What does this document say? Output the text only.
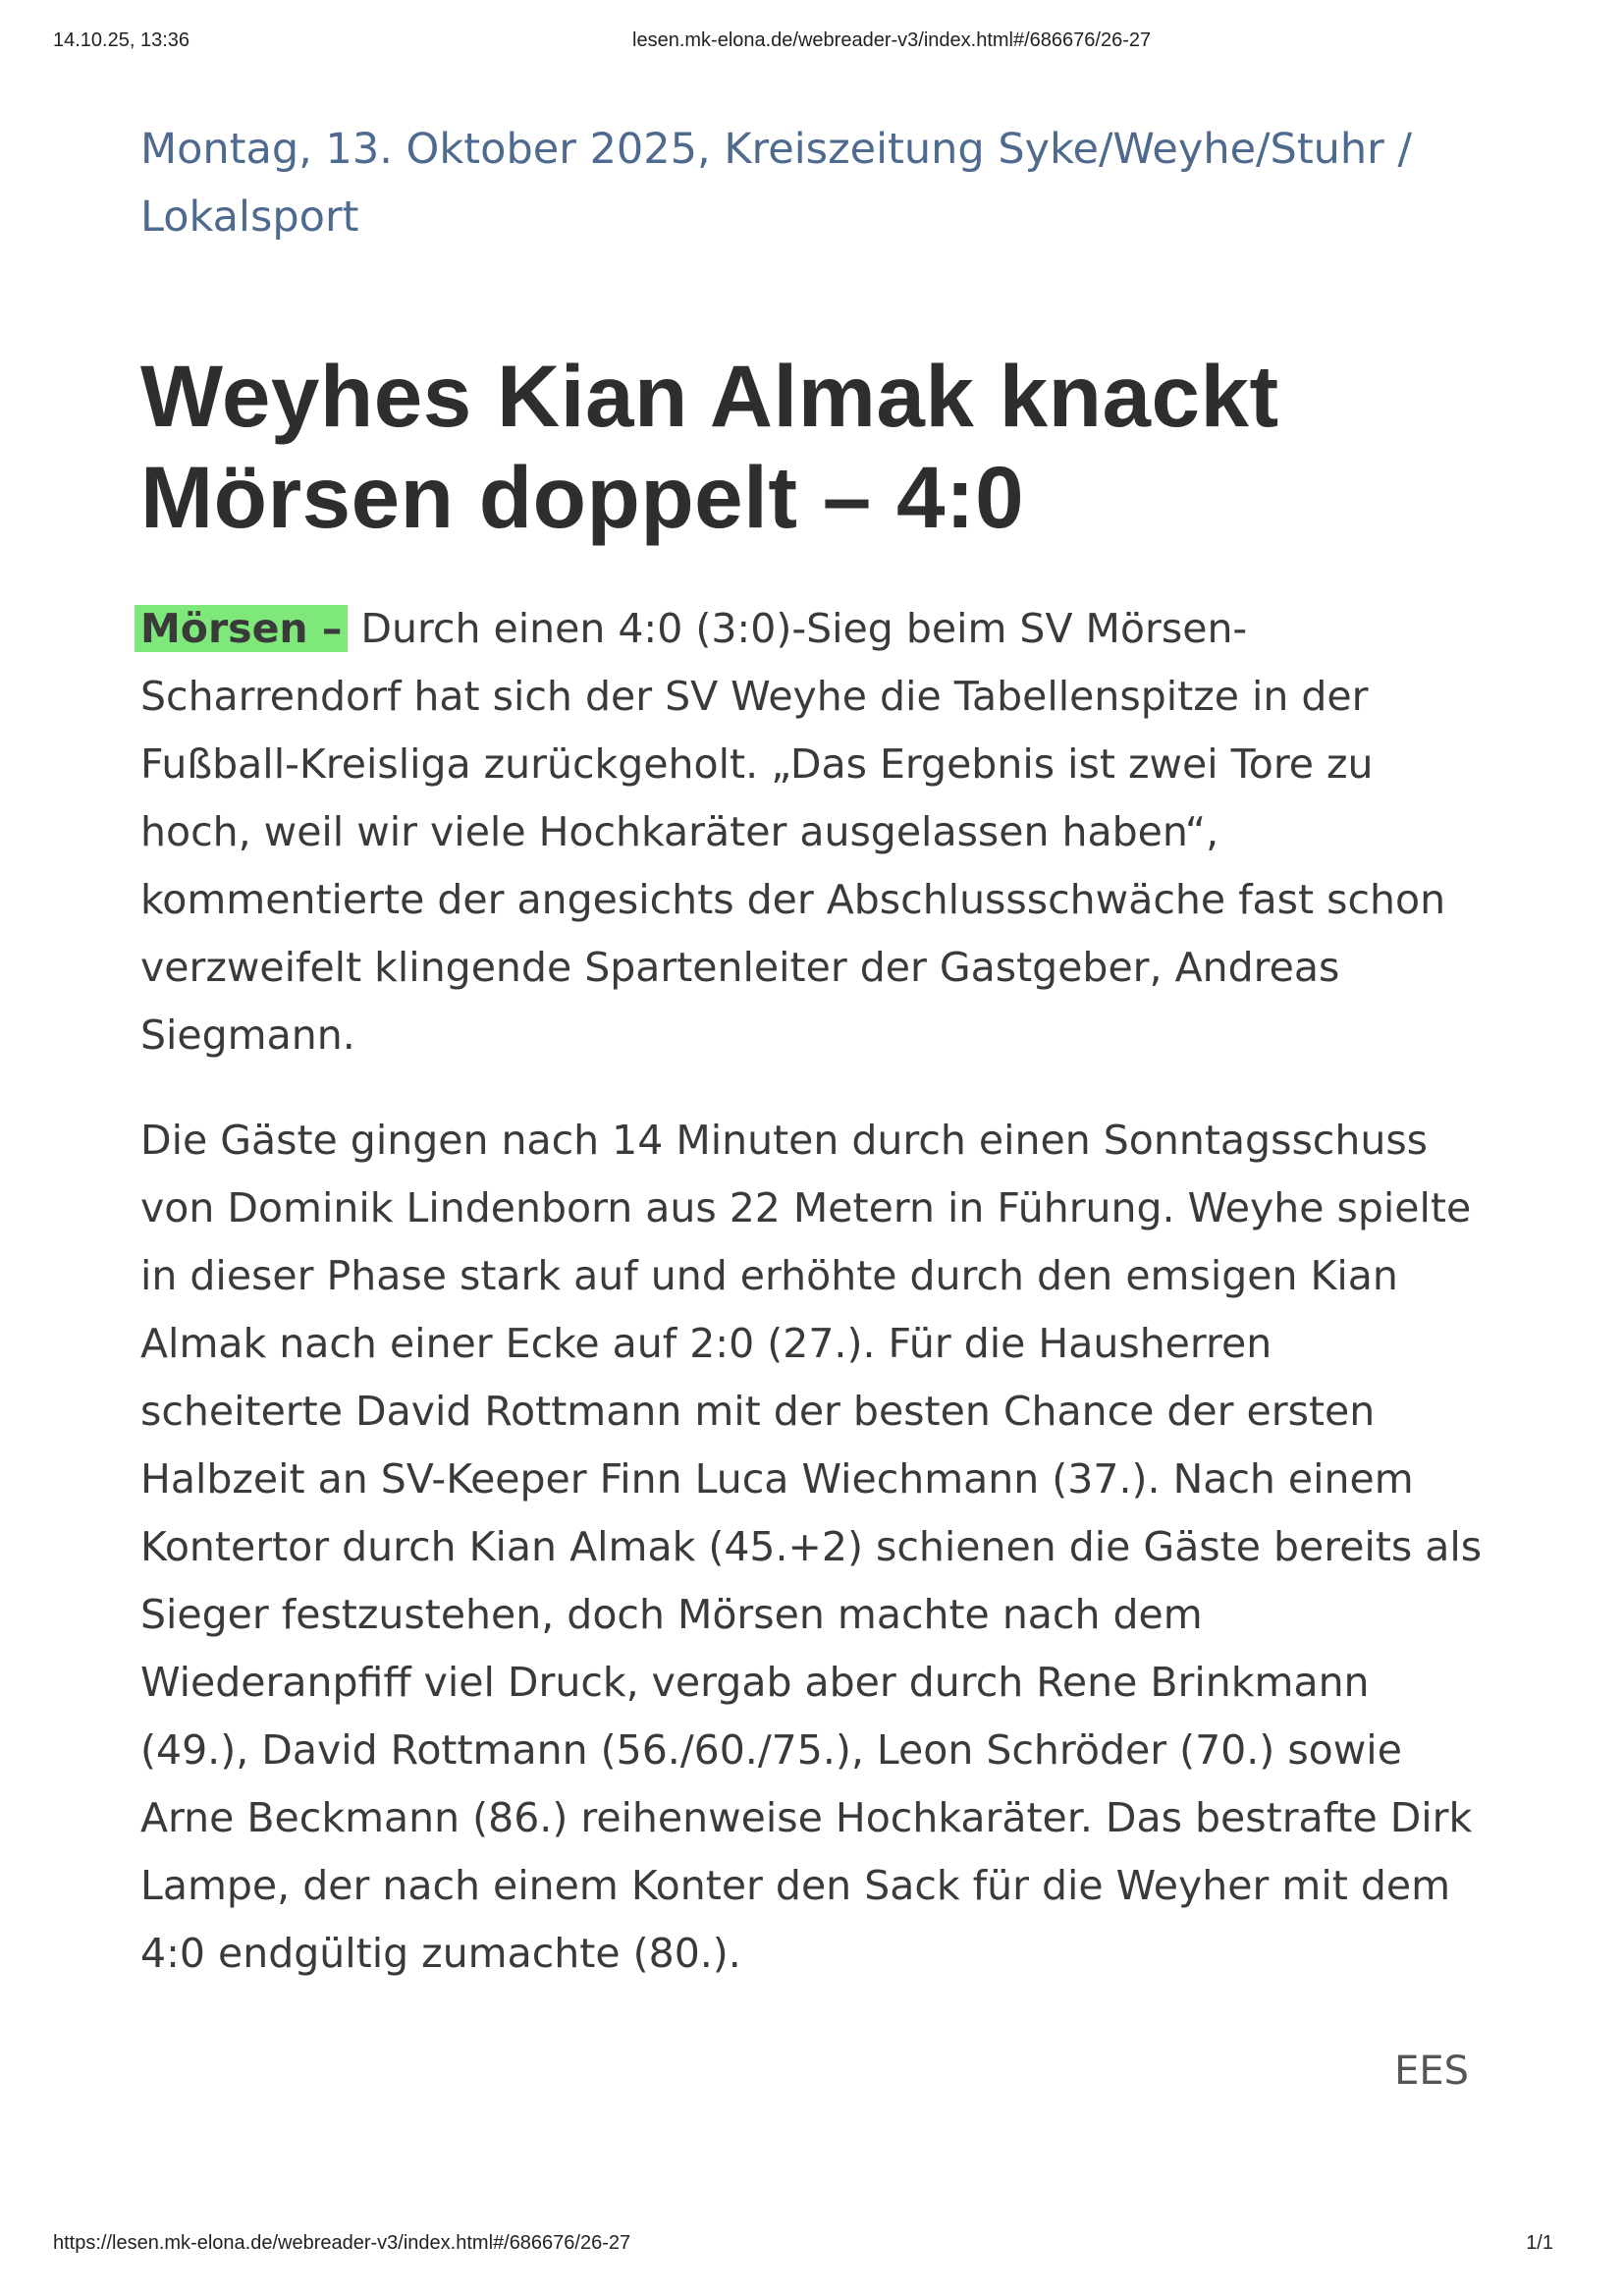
14.10.25, 13:36	lesen.mk-elona.de/webreader-v3/index.html#/686676/26-27

Montag, 13. Oktober 2025, Kreiszeitung Syke/Weyhe/Stuhr / Lokalsport

Weyhes Kian Almak knackt Mörsen doppelt – 4:0

Mörsen – Durch einen 4:0 (3:0)-Sieg beim SV Mörsen-Scharrendorf hat sich der SV Weyhe die Tabellenspitze in der Fußball-Kreisliga zurückgeholt. „Das Ergebnis ist zwei Tore zu hoch, weil wir viele Hochkaräter ausgelassen haben“, kommentierte der angesichts der Abschlussschwäche fast schon verzweifelt klingende Spartenleiter der Gastgeber, Andreas Siegmann.

Die Gäste gingen nach 14 Minuten durch einen Sonntagsschuss von Dominik Lindenborn aus 22 Metern in Führung. Weyhe spielte in dieser Phase stark auf und erhöhte durch den emsigen Kian Almak nach einer Ecke auf 2:0 (27.). Für die Hausherren scheiterte David Rottmann mit der besten Chance der ersten Halbzeit an SV-Keeper Finn Luca Wiechmann (37.). Nach einem Kontertor durch Kian Almak (45.+2) schienen die Gäste bereits als Sieger festzustehen, doch Mörsen machte nach dem Wiederanpfiff viel Druck, vergab aber durch Rene Brinkmann (49.), David Rottmann (56./60./75.), Leon Schröder (70.) sowie Arne Beckmann (86.) reihenweise Hochkaräter. Das bestrafte Dirk Lampe, der nach einem Konter den Sack für die Weyher mit dem 4:0 endgültig zumachte (80.).

EES
https://lesen.mk-elona.de/webreader-v3/index.html#/686676/26-27	1/1
